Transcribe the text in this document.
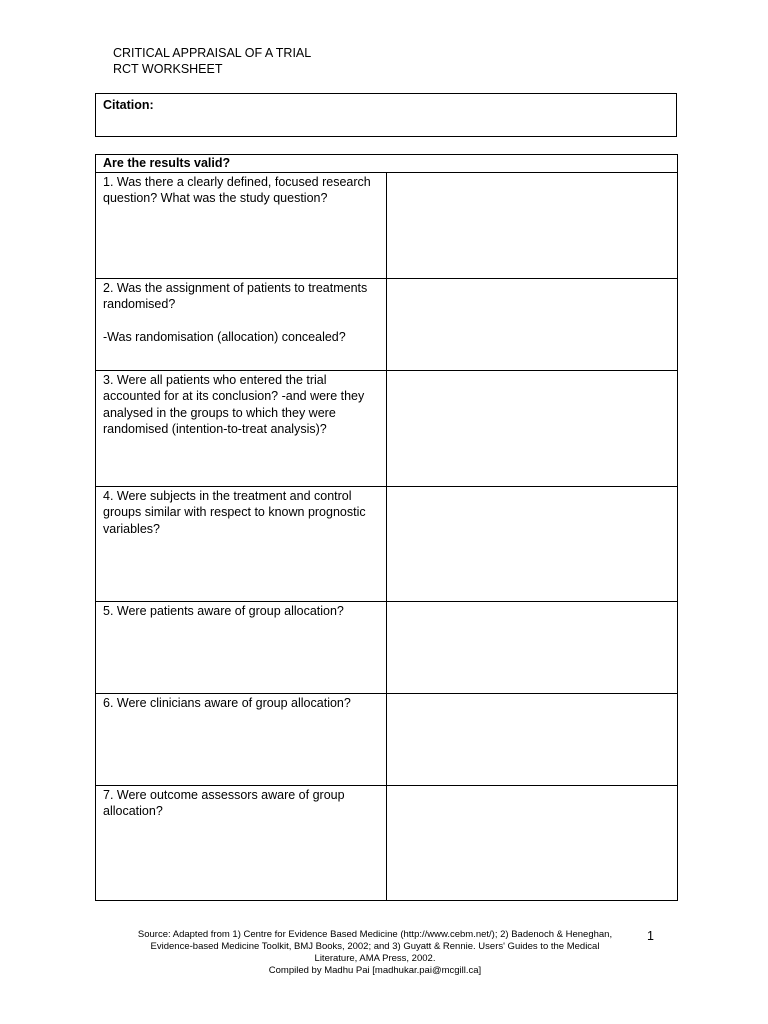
CRITICAL APPRAISAL OF A TRIAL
RCT WORKSHEET
Citation:
Are the results valid?	

1. Was there a clearly defined, focused research question? What was the study question?	

2. Was the assignment of patients to treatments randomised?

-Was randomisation (allocation) concealed?	

3. Were all patients who entered the trial accounted for at its conclusion? -and were they analysed in the groups to which they were randomised (intention-to-treat analysis)?	

4. Were subjects in the treatment and control groups similar with respect to known prognostic variables?	

5. Were patients aware of group allocation?	

6. Were clinicians aware of group allocation?	

7. Were outcome assessors aware of group allocation?	

Source: Adapted from 1) Centre for Evidence Based Medicine (http://www.cebm.net/); 2) Badenoch & Heneghan,
Evidence-based Medicine Toolkit, BMJ Books, 2002; and 3) Guyatt & Rennie. Users' Guides to the Medical
Literature, AMA Press, 2002.
Compiled by Madhu Pai [madhukar.pai@mcgill.ca]
1
